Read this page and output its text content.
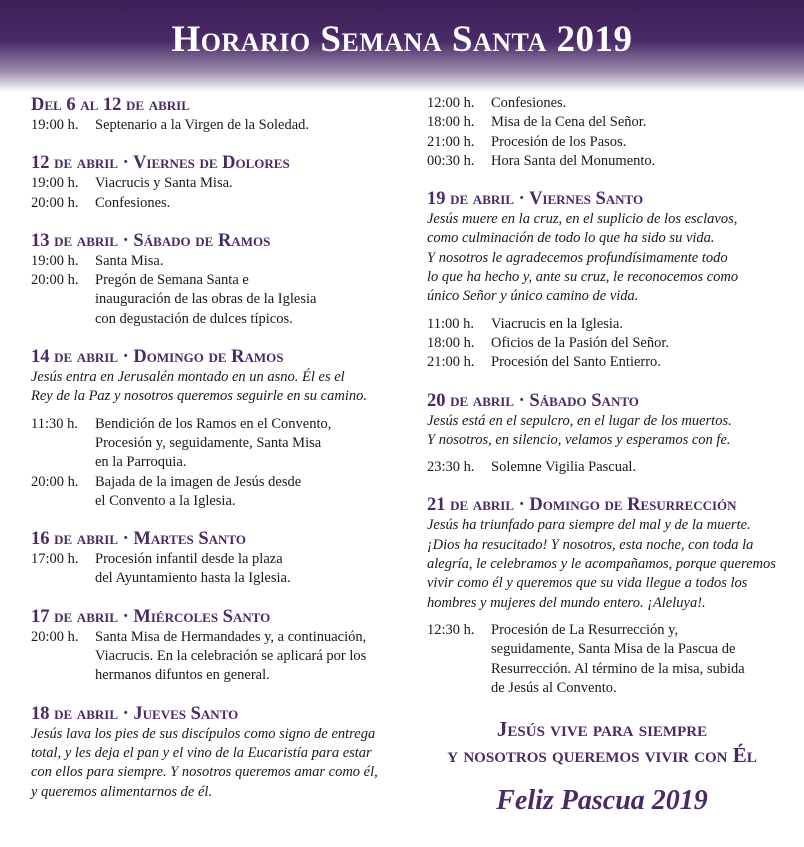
Horario Semana Santa 2019
Del 6 al 12 de abril
19:00 h.	Septenario a la Virgen de la Soledad.
12 de abril · Viernes de Dolores
19:00 h.	Viacrucis y Santa Misa.
20:00 h.	Confesiones.
13 de abril · Sábado de Ramos
19:00 h.	Santa Misa.
20:00 h.	Pregón de Semana Santa e
inauguración de las obras de la Iglesia
con degustación de dulces típicos.
14 de abril · Domingo de Ramos
Jesús entra en Jerusalén montado en un asno. Él es el
Rey de la Paz y nosotros queremos seguirle en su camino.
11:30 h.	Bendición de los Ramos en el Convento,
Procesión y, seguidamente, Santa Misa
en la Parroquia.
20:00 h.	Bajada de la imagen de Jesús desde
el Convento a la Iglesia.
16 de abril · Martes Santo
17:00 h.	Procesión infantil desde la plaza
del Ayuntamiento hasta la Iglesia.
17 de abril · Miércoles Santo
20:00 h.	Santa Misa de Hermandades y, a continuación,
Viacrucis. En la celebración se aplicará por los
hermanos difuntos en general.
18 de abril · Jueves Santo
Jesús lava los pies de sus discípulos como signo de entrega
total, y les deja el pan y el vino de la Eucaristía para estar
con ellos para siempre. Y nosotros queremos amar como él,
y queremos alimentarnos de él.
12:00 h.	Confesiones.
18:00 h.	Misa de la Cena del Señor.
21:00 h.	Procesión de los Pasos.
00:30 h.	Hora Santa del Monumento.
19 de abril · Viernes Santo
Jesús muere en la cruz, en el suplicio de los esclavos,
como culminación de todo lo que ha sido su vida.
Y nosotros le agradecemos profundísimamente todo
lo que ha hecho y, ante su cruz, le reconocemos como
único Señor y único camino de vida.
11:00 h.	Viacrucis en la Iglesia.
18:00 h.	Oficios de la Pasión del Señor.
21:00 h.	Procesión del Santo Entierro.
20 de abril · Sábado Santo
Jesús está en el sepulcro, en el lugar de los muertos.
Y nosotros, en silencio, velamos y esperamos con fe.
23:30 h.	Solemne Vigilia Pascual.
21 de abril · Domingo de Resurrección
Jesús ha triunfado para siempre del mal y de la muerte.
¡Dios ha resucitado! Y nosotros, esta noche, con toda la
alegría, le celebramos y le acompañamos, porque queremos
vivir como él y queremos que su vida llegue a todos los
hombres y mujeres del mundo entero. ¡Aleluya!.
12:30 h.	Procesión de La Resurrección y,
seguidamente, Santa Misa de la Pascua de
Resurrección. Al término de la misa, subida
de Jesús al Convento.
Jesús vive para siempre
y nosotros queremos vivir con Él
Feliz Pascua 2019
